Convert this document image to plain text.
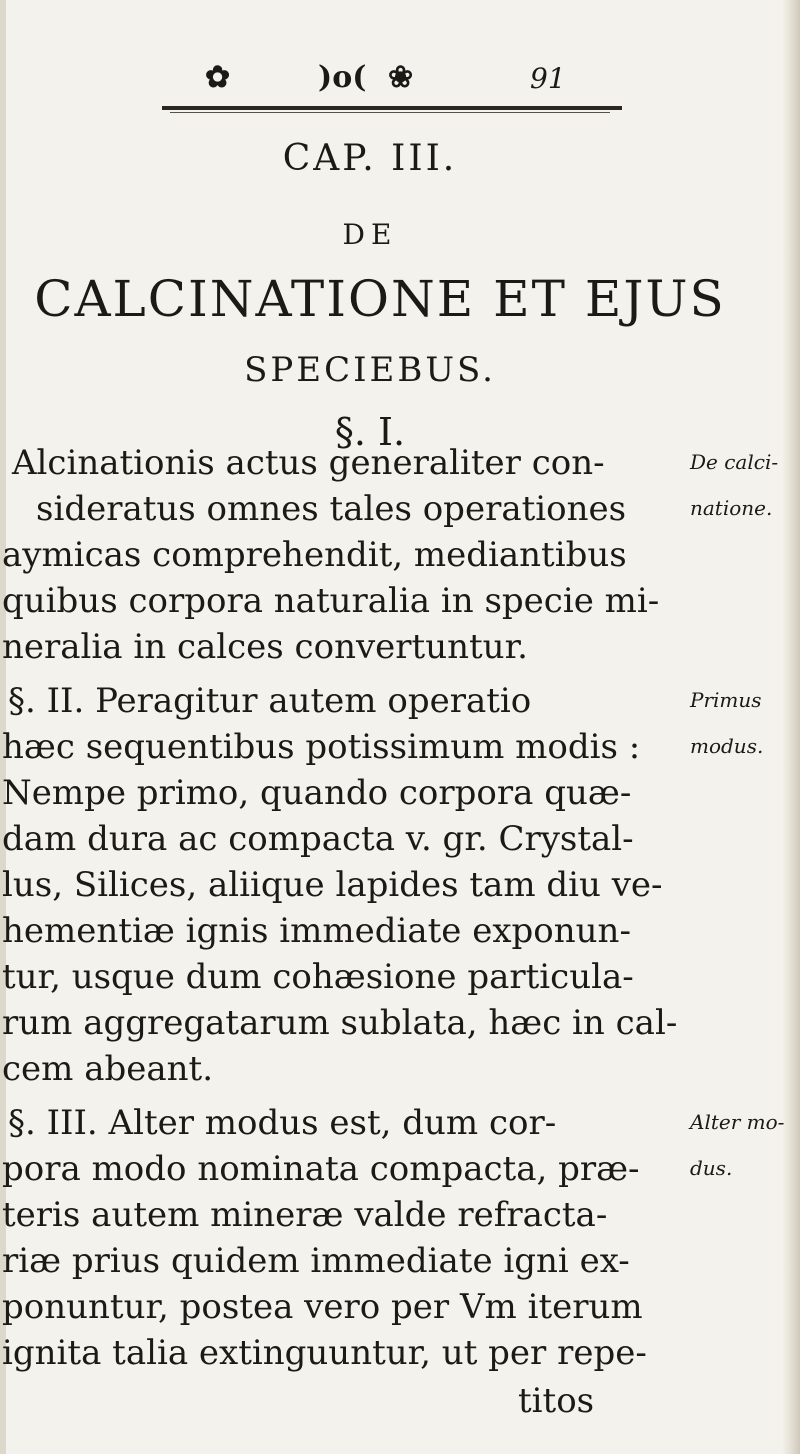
✿	)o( ❀	91
CAP. III.
DE
CALCINATIONE ET EJUS
SPECIEBUS.
§. I.
Alcinationis actus generaliter con-
sideratus omnes tales operationes
aymicas comprehendit, mediantibus
quibus corpora naturalia in specie mi-
neralia in calces convertuntur.
§. II. Peragitur autem operatio
hæc sequentibus potissimum modis :
Nempe primo, quando corpora quæ-
dam dura ac compacta v. gr. Crystal-
lus, Silices, aliique lapides tam diu ve-
hementiæ ignis immediate exponun-
tur, usque dum cohæsione particula-
rum aggregatarum sublata, hæc in cal-
cem abeant.
§. III. Alter modus est, dum cor-
pora modo nominata compacta, præ-
teris autem mineræ valde refracta-
riæ prius quidem immediate igni ex-
ponuntur, postea vero per Vm iterum
ignita talia extinguuntur, ut per repe-
titos
De calci-
natione.
Primus
modus.
Alter mo-
dus.
